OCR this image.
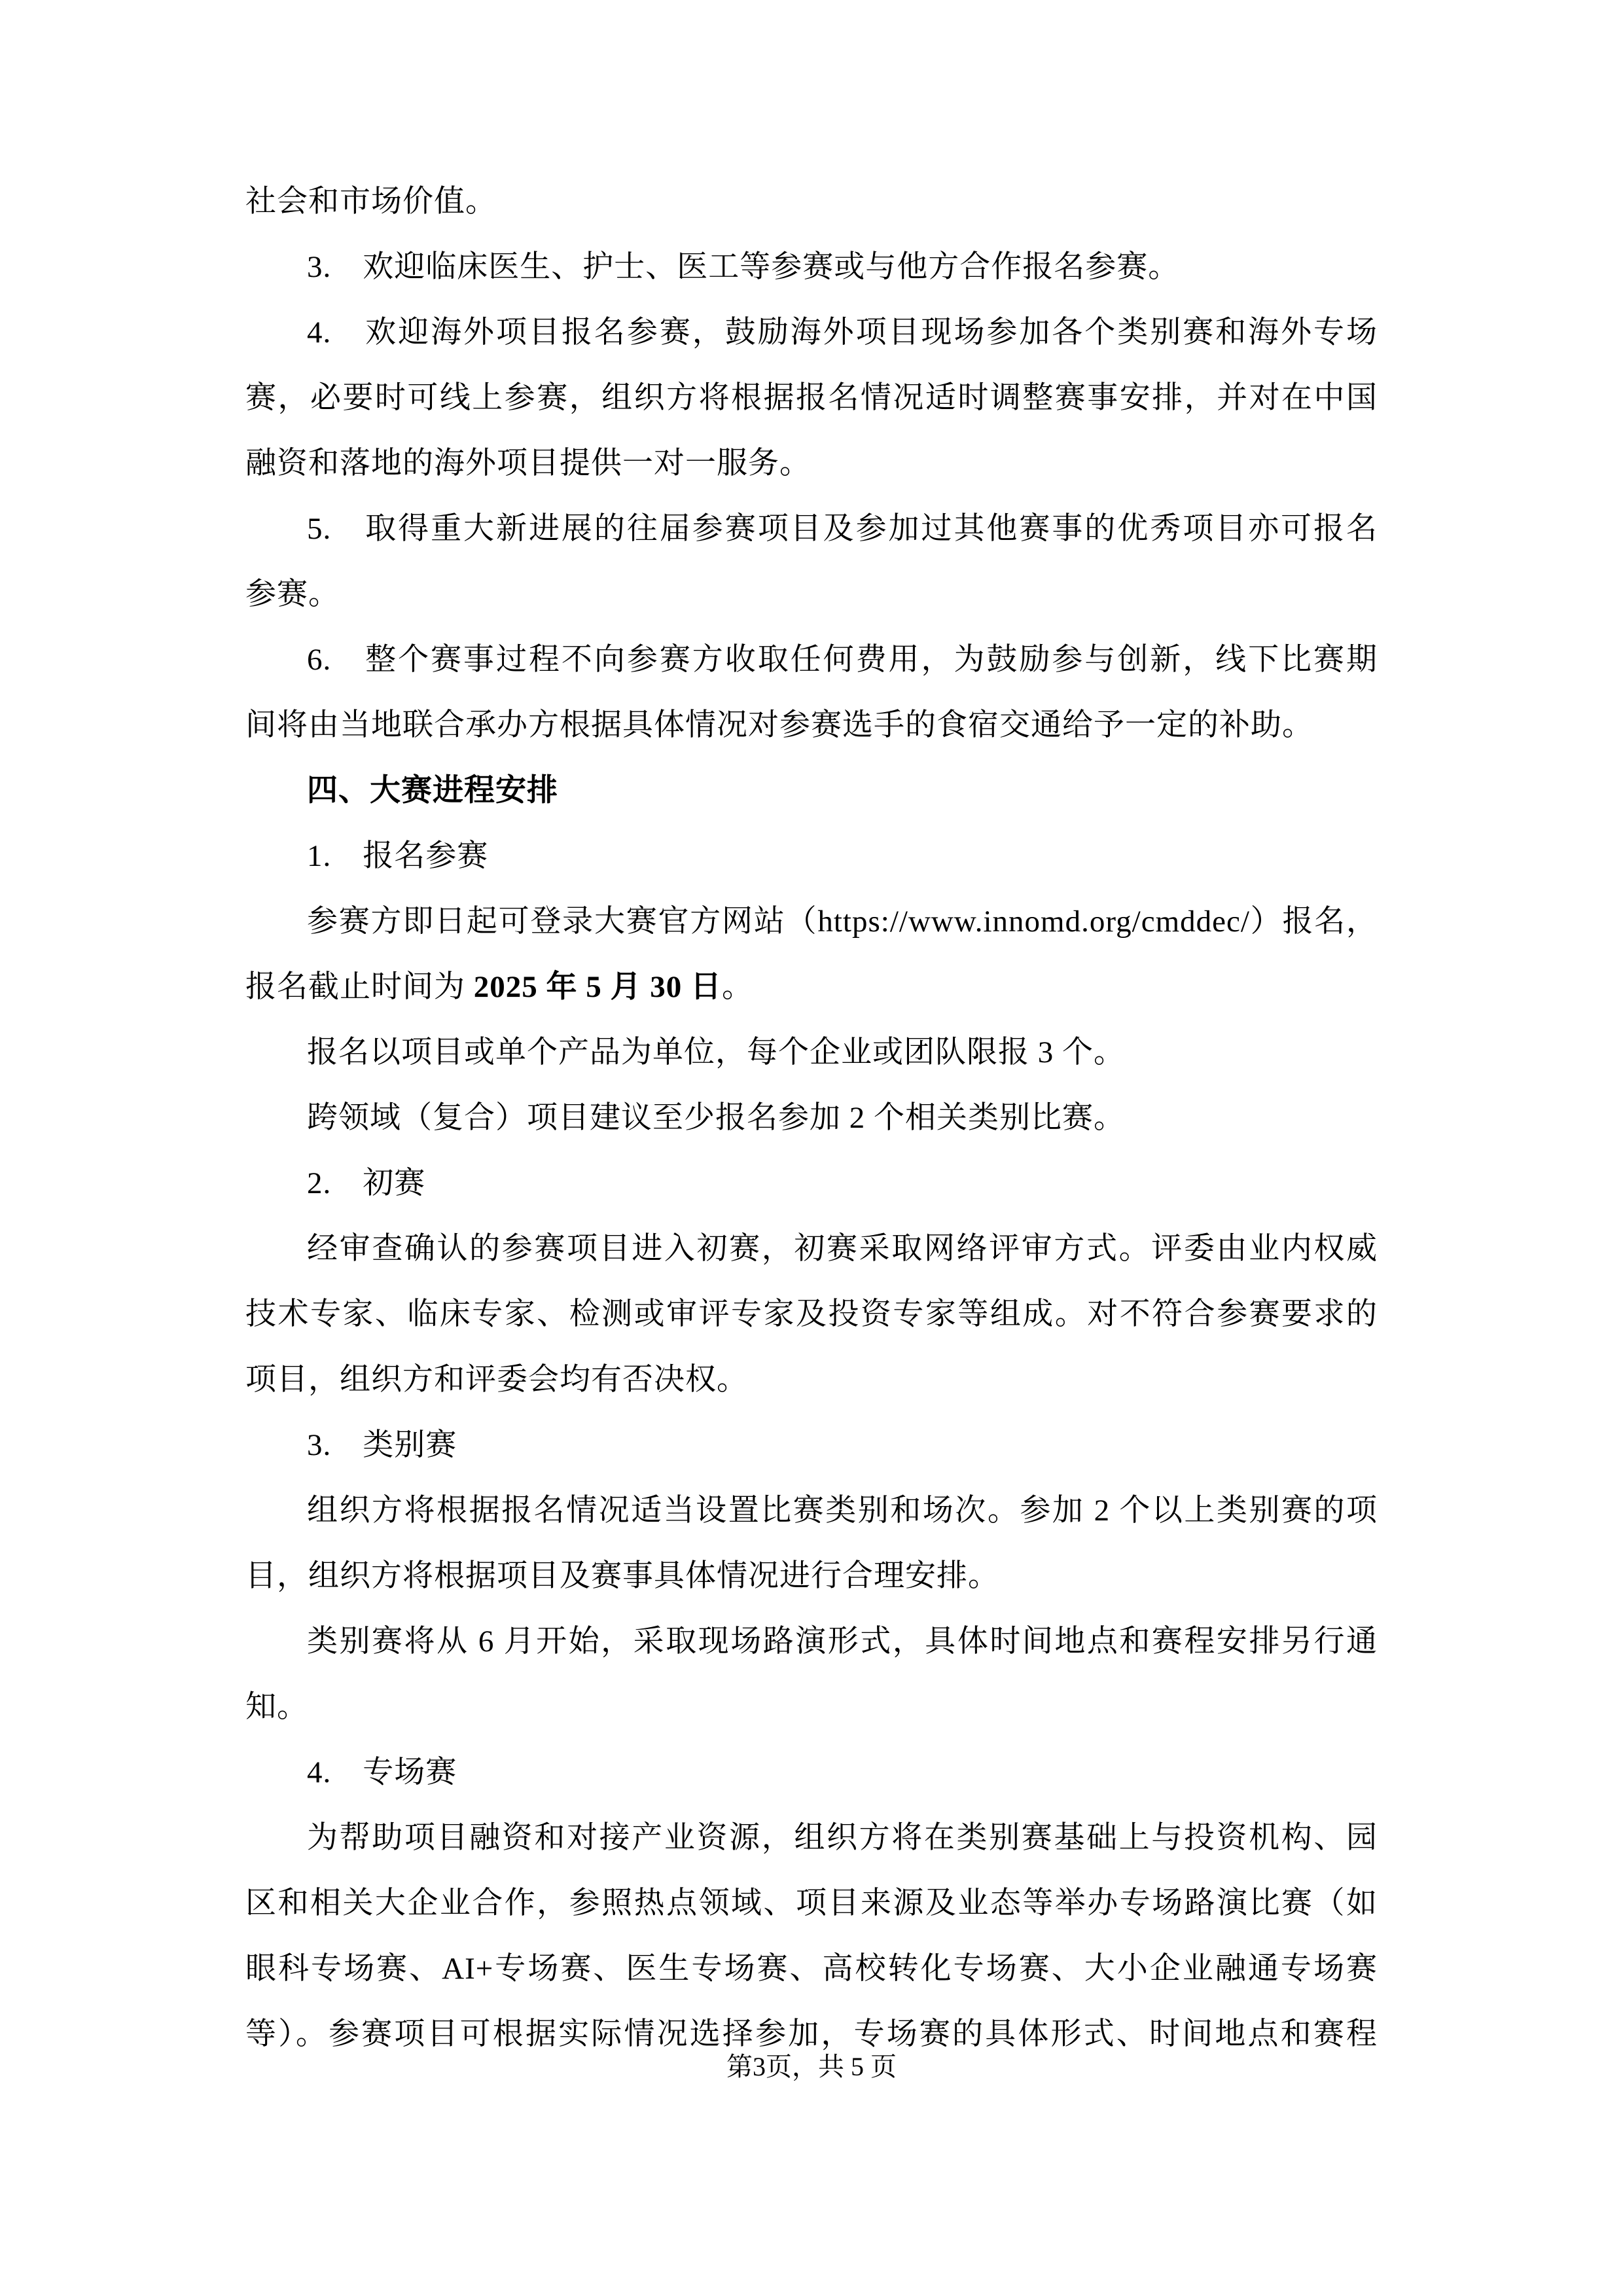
社会和市场价值。
3.　欢迎临床医生、护士、医工等参赛或与他方合作报名参赛。
4.　欢迎海外项目报名参赛，鼓励海外项目现场参加各个类别赛和海外专场
赛，必要时可线上参赛，组织方将根据报名情况适时调整赛事安排，并对在中国
融资和落地的海外项目提供一对一服务。
5.　取得重大新进展的往届参赛项目及参加过其他赛事的优秀项目亦可报名
参赛。
6.　整个赛事过程不向参赛方收取任何费用，为鼓励参与创新，线下比赛期
间将由当地联合承办方根据具体情况对参赛选手的食宿交通给予一定的补助。
四、大赛进程安排
1.　报名参赛
参赛方即日起可登录大赛官方网站（https://www.innomd.org/cmddec/）报名，
报名截止时间为 2025 年 5 月 30 日。
报名以项目或单个产品为单位，每个企业或团队限报 3 个。
跨领域（复合）项目建议至少报名参加 2 个相关类别比赛。
2.　初赛
经审查确认的参赛项目进入初赛，初赛采取网络评审方式。评委由业内权威
技术专家、临床专家、检测或审评专家及投资专家等组成。对不符合参赛要求的
项目，组织方和评委会均有否决权。
3.　类别赛
组织方将根据报名情况适当设置比赛类别和场次。参加 2 个以上类别赛的项
目，组织方将根据项目及赛事具体情况进行合理安排。
类别赛将从 6 月开始，采取现场路演形式，具体时间地点和赛程安排另行通
知。
4.　专场赛
为帮助项目融资和对接产业资源，组织方将在类别赛基础上与投资机构、园
区和相关大企业合作，参照热点领域、项目来源及业态等举办专场路演比赛（如
眼科专场赛、AI+专场赛、医生专场赛、高校转化专场赛、大小企业融通专场赛
等）。参赛项目可根据实际情况选择参加，专场赛的具体形式、时间地点和赛程
第3页，共 5 页
